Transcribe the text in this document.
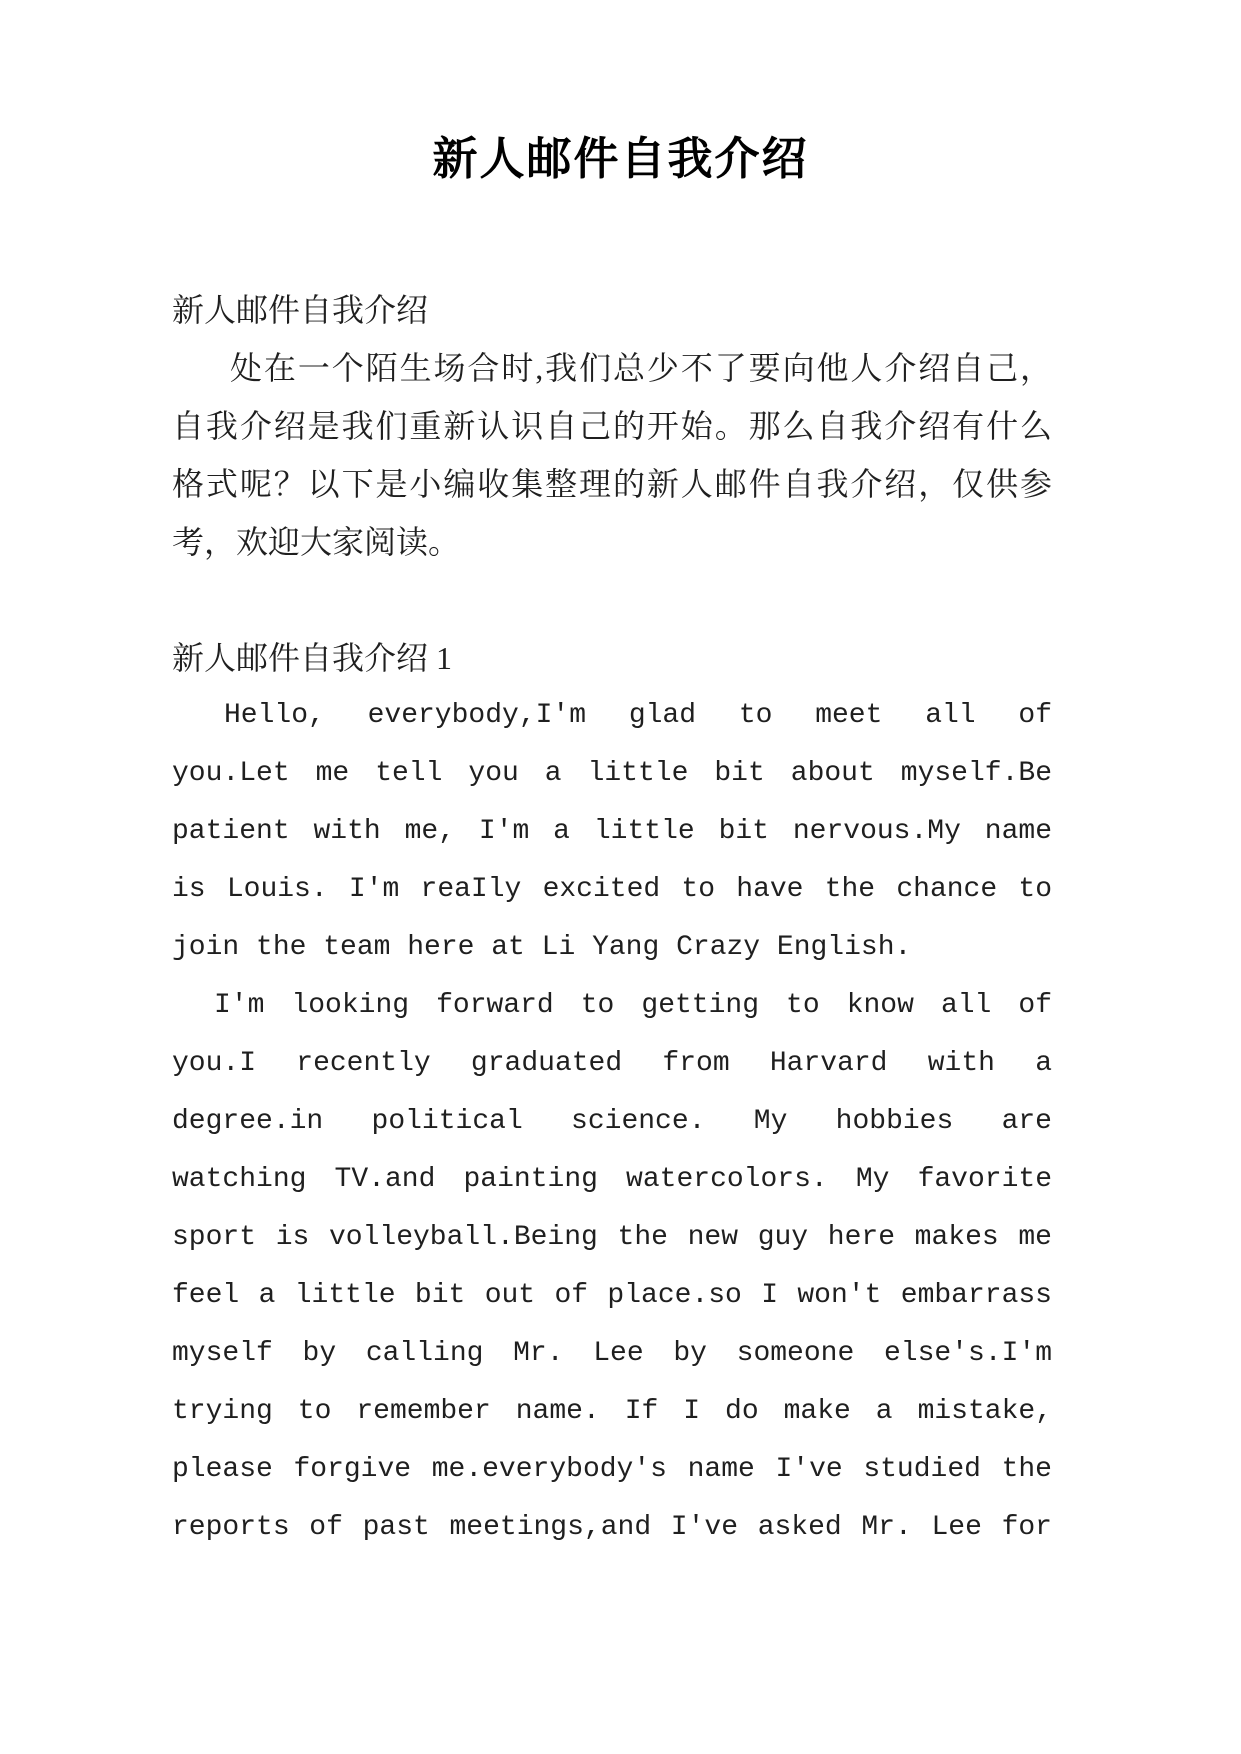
新人邮件自我介绍
新人邮件自我介绍
处在一个陌生场合时,我们总少不了要向他人介绍自己，
自我介绍是我们重新认识自己的开始。那么自我介绍有什么
格式呢？以下是小编收集整理的新人邮件自我介绍，仅供参
考，欢迎大家阅读。
新人邮件自我介绍 1
Hello, everybody,I'm glad to meet all of
you.Let me tell you a little bit about myself.Be
patient with me, I'm a little bit nervous.My name
is Louis. I'm reaIly excited to have the chance to
join the team here at Li Yang Crazy English.
I'm looking forward to getting to know all of
you.I recently graduated from Harvard with a
degree.in political science. My hobbies are
watching TV.and painting watercolors. My favorite
sport is volleyball.Being the new guy here makes me
feel a little bit out of place.so I won't embarrass
myself by calling Mr. Lee by someone else's.I'm
trying to remember name. If I do make a mistake,
please forgive me.everybody's name I've studied the
reports of past meetings,and I've asked Mr. Lee for
